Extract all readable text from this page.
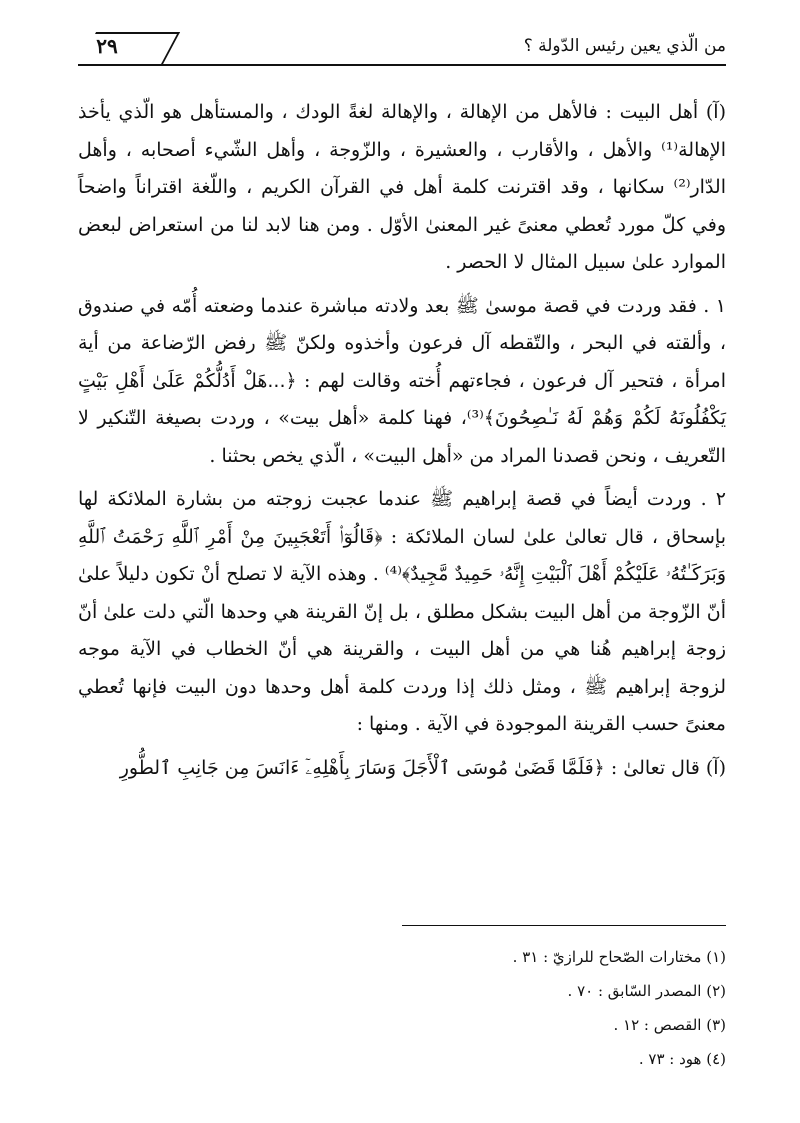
٢٩	من الّذي يعين رئيس الدّولة ؟

(آ) أهل البيت : فالأهل من الإهالة ، والإهالة لغةً الودك ، والمستأهل هو الّذي يأخذ الإهالة⁽¹⁾ والأهل ، والأقارب ، والعشيرة ، والزّوجة ، وأهل الشّيء أصحابه ، وأهل الدّار⁽²⁾ سكانها ، وقد اقترنت كلمة أهل في القرآن الكريم ، واللّغة اقتراناً واضحاً وفي كلّ مورد تُعطي معنىً غير المعنىٰ الأوّل . ومن هنا لابد لنا من استعراض لبعض الموارد علىٰ سبيل المثال لا الحصر .

١ . فقد وردت في قصة موسىٰ ﷺ بعد ولادته مباشرة عندما وضعته أُمّه في صندوق ، وألقته في البحر ، والتّقطه آل فرعون وأخذوه ولكنّ ﷺ رفض الرّضاعة من أية امرأة ، فتحير آل فرعون ، فجاءتهم أُخته وقالت لهم : ﴿...هَلْ أَدُلُّكُمْ عَلَىٰ أَهْلِ بَيْتٍ يَكْفُلُونَهُ لَكُمْ وَهُمْ لَهُ نَـٰصِحُونَ﴾⁽³⁾، فهنا كلمة «أهل بيت» ، وردت بصيغة التّنكير لا التّعريف ، ونحن قصدنا المراد من «أهل البيت» ، الّذي يخص بحثنا .

٢ . وردت أيضاً في قصة إبراهيم ﷺ عندما عجبت زوجته من بشارة الملائكة لها بإسحاق ، قال تعالىٰ علىٰ لسان الملائكة : ﴿قَالُوٓا۟ أَتَعْجَبِينَ مِنْ أَمْرِ ٱللَّهِ رَحْمَتُ ٱللَّهِ وَبَرَكَـٰتُهُۥ عَلَيْكُمْ أَهْلَ ٱلْبَيْتِ إِنَّهُۥ حَمِيدٌ مَّجِيدٌ﴾⁽⁴⁾ . وهذه الآية لا تصلح أنْ تكون دليلاً علىٰ أنّ الزّوجة من أهل البيت بشكل مطلق ، بل إنّ القرينة هي وحدها الّتي دلت علىٰ أنّ زوجة إبراهيم هُنا هي من أهل البيت ، والقرينة هي أنّ الخطاب في الآية موجه لزوجة إبراهيم ﷺ ، ومثل ذلك إذا وردت كلمة أهل وحدها دون البيت فإنها تُعطي معنىً حسب القرينة الموجودة في الآية . ومنها :

(آ) قال تعالىٰ : ﴿فَلَمَّا قَضَىٰ مُوسَى ٱلْأَجَلَ وَسَارَ بِأَهْلِهِۦٓ ءَانَسَ مِن جَانِبِ ٱلطُّورِ

(١) مختارات الصّحاح للرازيّ : ٣١ .
(٢) المصدر السّابق : ٧٠ .
(٣) القصص : ١٢ .
(٤) هود : ٧٣ .
